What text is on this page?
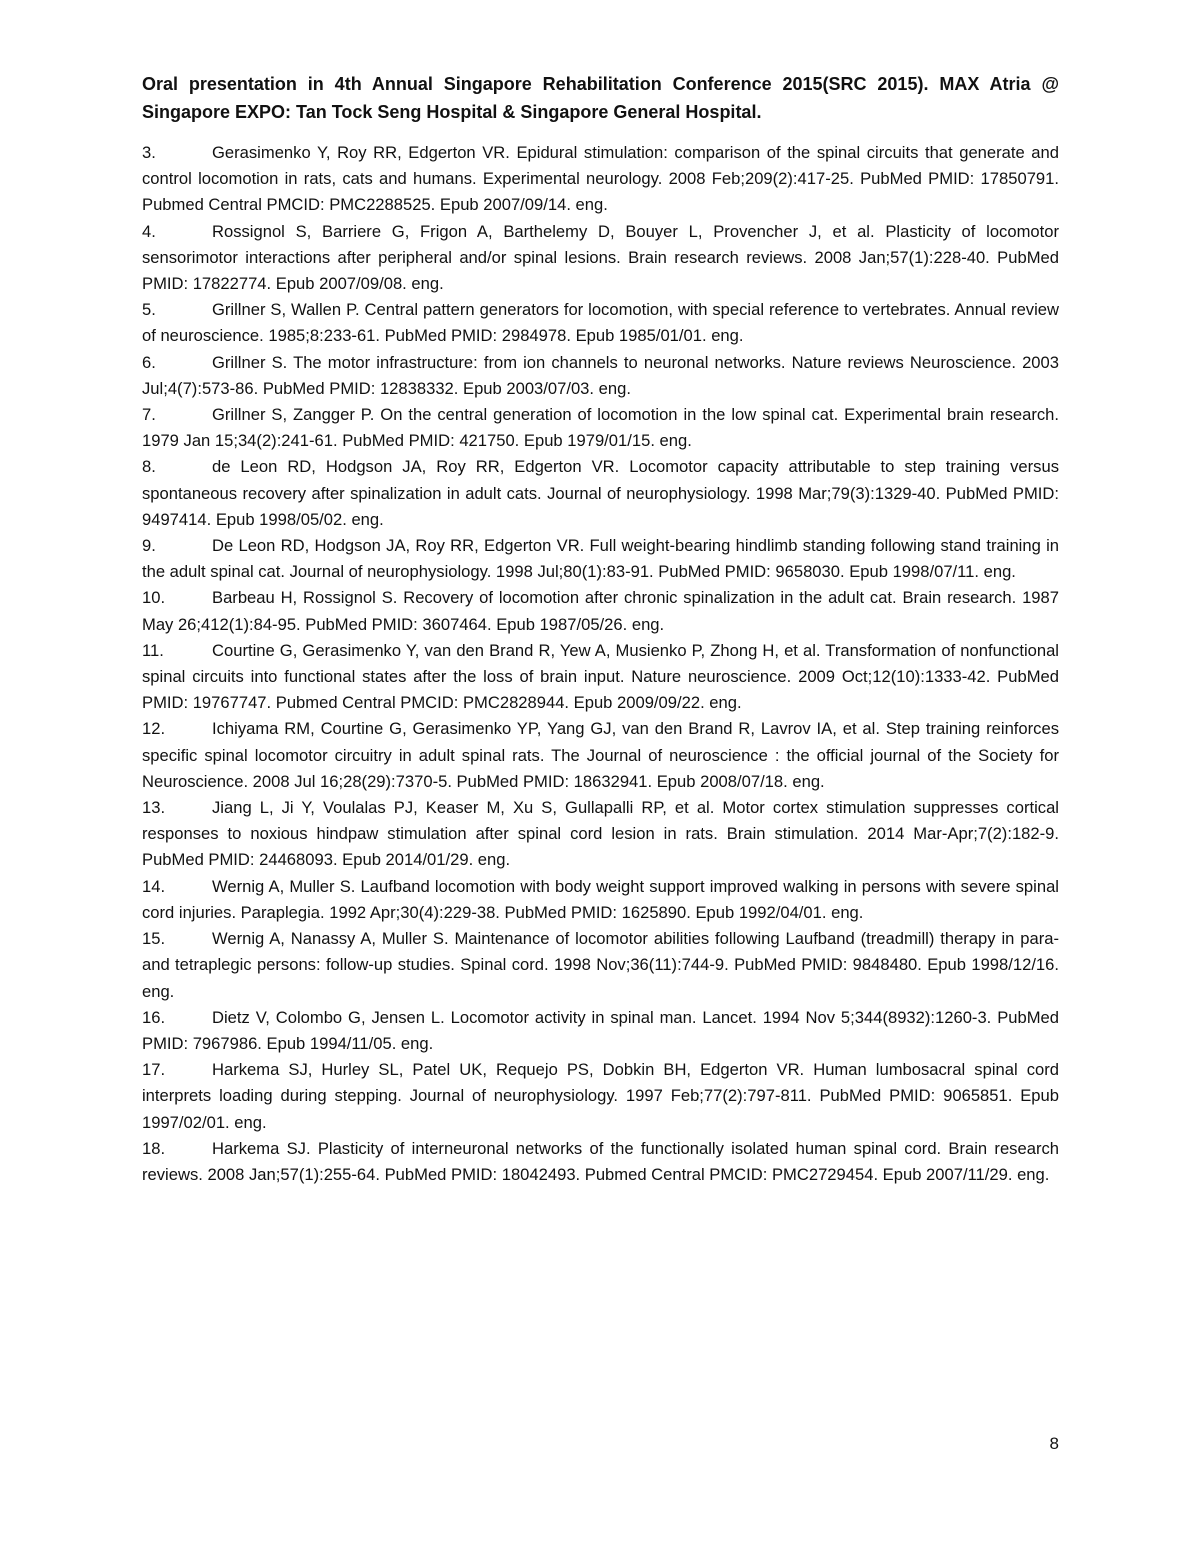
Oral presentation in 4th Annual Singapore Rehabilitation Conference 2015(SRC 2015). MAX Atria @ Singapore EXPO: Tan Tock Seng Hospital & Singapore General Hospital.

3.	Gerasimenko Y, Roy RR, Edgerton VR. Epidural stimulation: comparison of the spinal circuits that generate and control locomotion in rats, cats and humans. Experimental neurology. 2008 Feb;209(2):417-25. PubMed PMID: 17850791. Pubmed Central PMCID: PMC2288525. Epub 2007/09/14. eng.
4.	Rossignol S, Barriere G, Frigon A, Barthelemy D, Bouyer L, Provencher J, et al. Plasticity of locomotor sensorimotor interactions after peripheral and/or spinal lesions. Brain research reviews. 2008 Jan;57(1):228-40. PubMed PMID: 17822774. Epub 2007/09/08. eng.
5.	Grillner S, Wallen P. Central pattern generators for locomotion, with special reference to vertebrates. Annual review of neuroscience. 1985;8:233-61. PubMed PMID: 2984978. Epub 1985/01/01. eng.
6.	Grillner S. The motor infrastructure: from ion channels to neuronal networks. Nature reviews Neuroscience. 2003 Jul;4(7):573-86. PubMed PMID: 12838332. Epub 2003/07/03. eng.
7.	Grillner S, Zangger P. On the central generation of locomotion in the low spinal cat. Experimental brain research. 1979 Jan 15;34(2):241-61. PubMed PMID: 421750. Epub 1979/01/15. eng.
8.	de Leon RD, Hodgson JA, Roy RR, Edgerton VR. Locomotor capacity attributable to step training versus spontaneous recovery after spinalization in adult cats. Journal of neurophysiology. 1998 Mar;79(3):1329-40. PubMed PMID: 9497414. Epub 1998/05/02. eng.
9.	De Leon RD, Hodgson JA, Roy RR, Edgerton VR. Full weight-bearing hindlimb standing following stand training in the adult spinal cat. Journal of neurophysiology. 1998 Jul;80(1):83-91. PubMed PMID: 9658030. Epub 1998/07/11. eng.
10.	Barbeau H, Rossignol S. Recovery of locomotion after chronic spinalization in the adult cat. Brain research. 1987 May 26;412(1):84-95. PubMed PMID: 3607464. Epub 1987/05/26. eng.
11.	Courtine G, Gerasimenko Y, van den Brand R, Yew A, Musienko P, Zhong H, et al. Transformation of nonfunctional spinal circuits into functional states after the loss of brain input. Nature neuroscience. 2009 Oct;12(10):1333-42. PubMed PMID: 19767747. Pubmed Central PMCID: PMC2828944. Epub 2009/09/22. eng.
12.	Ichiyama RM, Courtine G, Gerasimenko YP, Yang GJ, van den Brand R, Lavrov IA, et al. Step training reinforces specific spinal locomotor circuitry in adult spinal rats. The Journal of neuroscience : the official journal of the Society for Neuroscience. 2008 Jul 16;28(29):7370-5. PubMed PMID: 18632941. Epub 2008/07/18. eng.
13.	Jiang L, Ji Y, Voulalas PJ, Keaser M, Xu S, Gullapalli RP, et al. Motor cortex stimulation suppresses cortical responses to noxious hindpaw stimulation after spinal cord lesion in rats. Brain stimulation. 2014 Mar-Apr;7(2):182-9. PubMed PMID: 24468093. Epub 2014/01/29. eng.
14.	Wernig A, Muller S. Laufband locomotion with body weight support improved walking in persons with severe spinal cord injuries. Paraplegia. 1992 Apr;30(4):229-38. PubMed PMID: 1625890. Epub 1992/04/01. eng.
15.	Wernig A, Nanassy A, Muller S. Maintenance of locomotor abilities following Laufband (treadmill) therapy in para- and tetraplegic persons: follow-up studies. Spinal cord. 1998 Nov;36(11):744-9. PubMed PMID: 9848480. Epub 1998/12/16. eng.
16.	Dietz V, Colombo G, Jensen L. Locomotor activity in spinal man. Lancet. 1994 Nov 5;344(8932):1260-3. PubMed PMID: 7967986. Epub 1994/11/05. eng.
17.	Harkema SJ, Hurley SL, Patel UK, Requejo PS, Dobkin BH, Edgerton VR. Human lumbosacral spinal cord interprets loading during stepping. Journal of neurophysiology. 1997 Feb;77(2):797-811. PubMed PMID: 9065851. Epub 1997/02/01. eng.
18.	Harkema SJ. Plasticity of interneuronal networks of the functionally isolated human spinal cord. Brain research reviews. 2008 Jan;57(1):255-64. PubMed PMID: 18042493. Pubmed Central PMCID: PMC2729454. Epub 2007/11/29. eng.
8
